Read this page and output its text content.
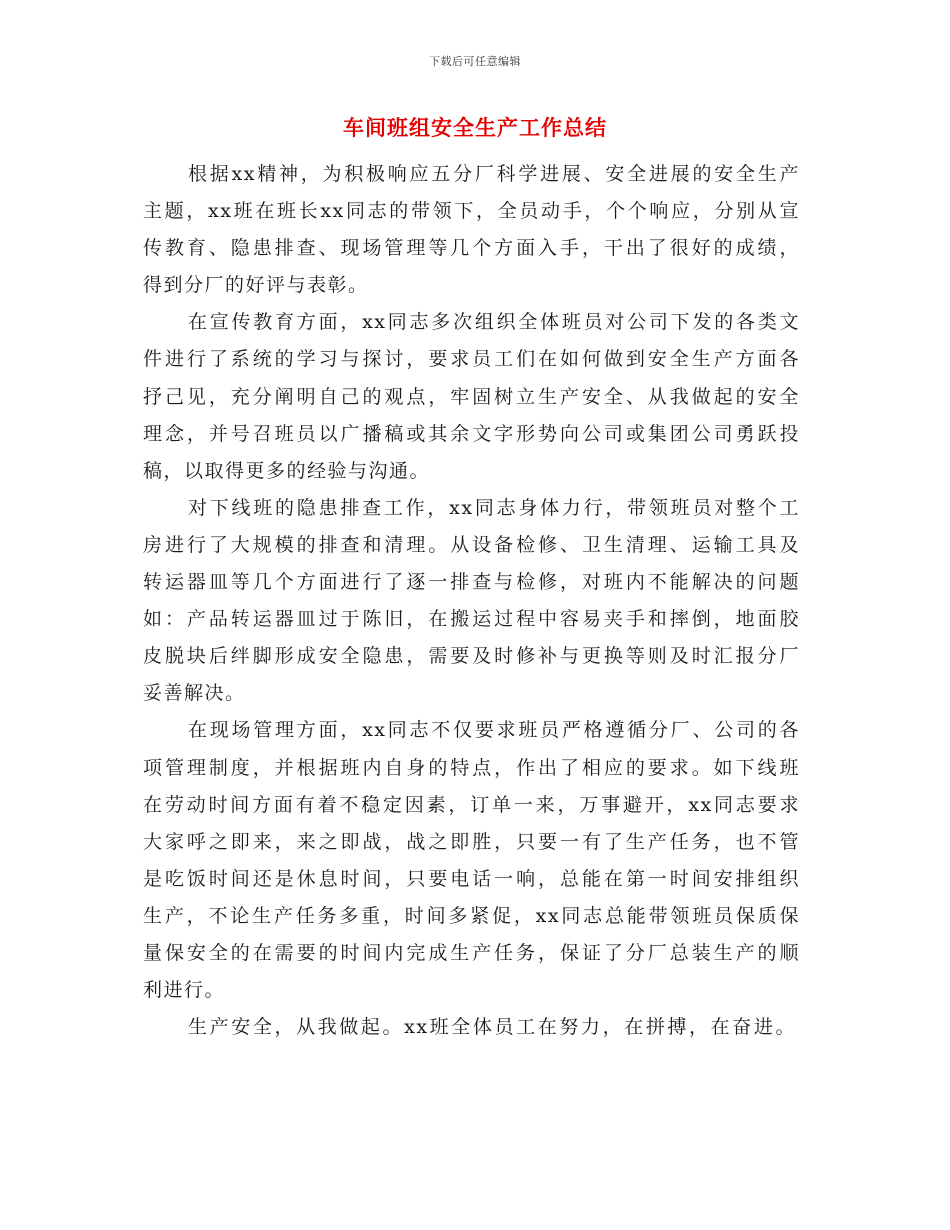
下载后可任意编辑
车间班组安全生产工作总结
根据xx精神，为积极响应五分厂科学进展、安全进展的安全生产
主题，xx班在班长xx同志的带领下，全员动手，个个响应，分别从宣
传教育、隐患排查、现场管理等几个方面入手，干出了很好的成绩，
得到分厂的好评与表彰。
在宣传教育方面，xx同志多次组织全体班员对公司下发的各类文
件进行了系统的学习与探讨，要求员工们在如何做到安全生产方面各
抒己见，充分阐明自己的观点，牢固树立生产安全、从我做起的安全
理念，并号召班员以广播稿或其余文字形势向公司或集团公司勇跃投
稿，以取得更多的经验与沟通。
对下线班的隐患排查工作，xx同志身体力行，带领班员对整个工
房进行了大规模的排查和清理。从设备检修、卫生清理、运输工具及
转运器皿等几个方面进行了逐一排查与检修，对班内不能解决的问题
如：产品转运器皿过于陈旧，在搬运过程中容易夹手和摔倒，地面胶
皮脱块后绊脚形成安全隐患，需要及时修补与更换等则及时汇报分厂
妥善解决。
在现场管理方面，xx同志不仅要求班员严格遵循分厂、公司的各
项管理制度，并根据班内自身的特点，作出了相应的要求。如下线班
在劳动时间方面有着不稳定因素，订单一来，万事避开，xx同志要求
大家呼之即来，来之即战，战之即胜，只要一有了生产任务，也不管
是吃饭时间还是休息时间，只要电话一响，总能在第一时间安排组织
生产，不论生产任务多重，时间多紧促，xx同志总能带领班员保质保
量保安全的在需要的时间内完成生产任务，保证了分厂总装生产的顺
利进行。
生产安全，从我做起。xx班全体员工在努力，在拼搏，在奋进。
